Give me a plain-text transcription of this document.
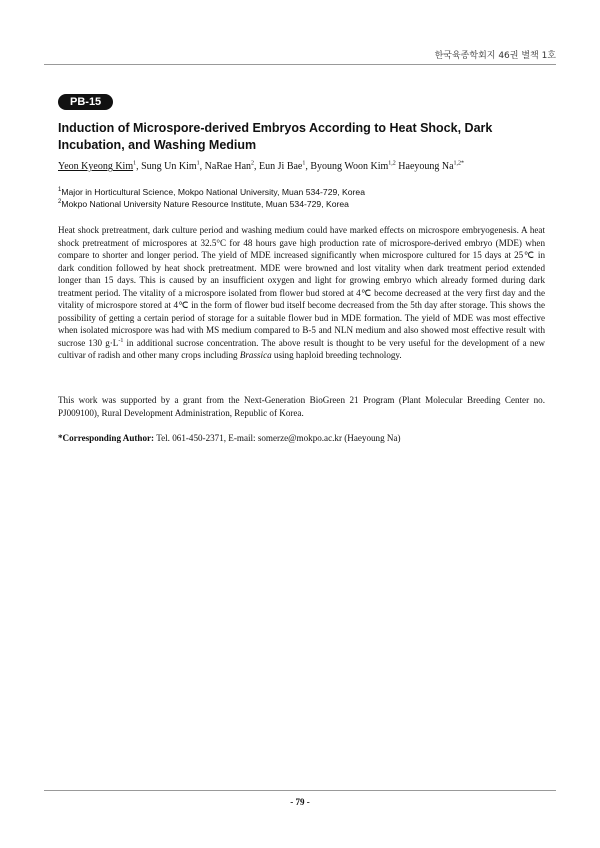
한국육종학회지 46권 별책 1호
PB-15
Induction of Microspore-derived Embryos According to Heat Shock, Dark Incubation, and Washing Medium
Yeon Kyeong Kim$^1$, Sung Un Kim$^1$, NaRae Han$^2$, Eun Ji Bae$^1$, Byoung Woon Kim$^{1,2}$ Haeyoung $Na^{1,2*}$
$^1$Major in Horticultural Science, Mokpo National University, Muan 534-729, Korea
$^2$Mokpo National University Nature Resource Institute, Muan 534-729, Korea

Heat shock pretreatment, dark culture period and washing medium could have marked effects on microspore embryogenesis. A heat shock pretreatment of microspores at 32.5°C for 48 hours gave high production rate of microspore-derived embryo (MDE) when compare to shorter and longer period. The yield of MDE increased significantly when microspore cultured for 15 days at 25℃ in dark condition followed by heat shock pretreatment. MDE were browned and lost vitality when dark treatment period extended longer than 15 days. This is caused by an insufficient oxygen and light for growing embryo which already formed during dark treatment period. The vitality of a microspore isolated from flower bud stored at 4℃ become decreased at the very first day and the vitality of microspore stored at 4℃ in the form of flower bud itself become decreased from the 5th day after storage. This shows the possibility of getting a certain period of storage for a suitable flower bud in MDE formation. The yield of MDE was most effective when isolated microspore was had with MS medium compared to B-5 and NLN medium and also showed most effective result with sucrose 130 $g\cdot L^{-1}$ in additional sucrose concentration. The above result is thought to be very useful for the development of a new cultivar of radish and other many crops including Brassica using haploid breeding technology.

This work was supported by a grant from the Next-Generation BioGreen 21 Program (Plant Molecular Breeding Center no. PJ009100), Rural Development Administration, Republic of Korea.

*Corresponding Author: Tel. 061-450-2371, E-mail: somerze@mokpo.ac.kr (Haeyoung Na)
- 79 -
